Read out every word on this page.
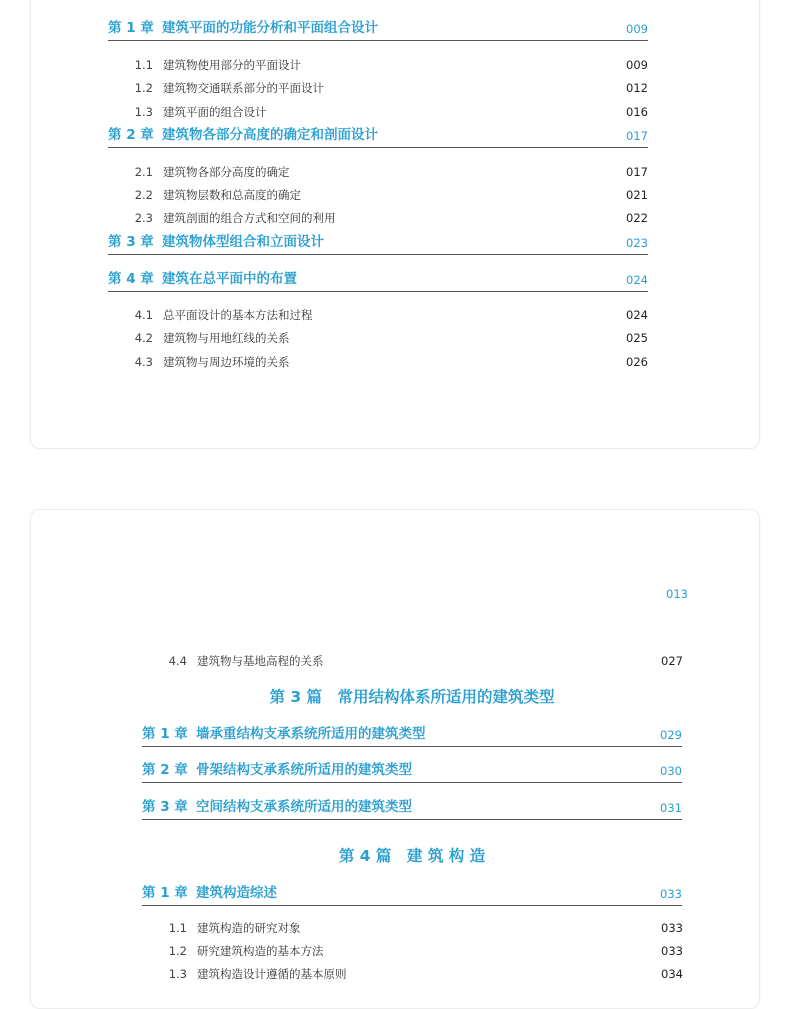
第 1 章 建筑平面的功能分析和平面组合设计	009
1.1 建筑物使用部分的平面设计	009
1.2 建筑物交通联系部分的平面设计	012
1.3 建筑平面的组合设计	016
第 2 章 建筑物各部分高度的确定和剖面设计	017
2.1 建筑物各部分高度的确定	017
2.2 建筑物层数和总高度的确定	021
2.3 建筑剖面的组合方式和空间的利用	022
第 3 章 建筑物体型组合和立面设计	023
第 4 章 建筑在总平面中的布置	024
4.1 总平面设计的基本方法和过程	024
4.2 建筑物与用地红线的关系	025
4.3 建筑物与周边环境的关系	026
013
4.4 建筑物与基地高程的关系	027
第 3 篇　常用结构体系所适用的建筑类型
第 1 章 墙承重结构支承系统所适用的建筑类型	029
第 2 章 骨架结构支承系统所适用的建筑类型	030
第 3 章 空间结构支承系统所适用的建筑类型	031
第 4 篇　建 筑 构 造
第 1 章 建筑构造综述	033
1.1 建筑构造的研究对象	033
1.2 研究建筑构造的基本方法	033
1.3 建筑构造设计遵循的基本原则	034
